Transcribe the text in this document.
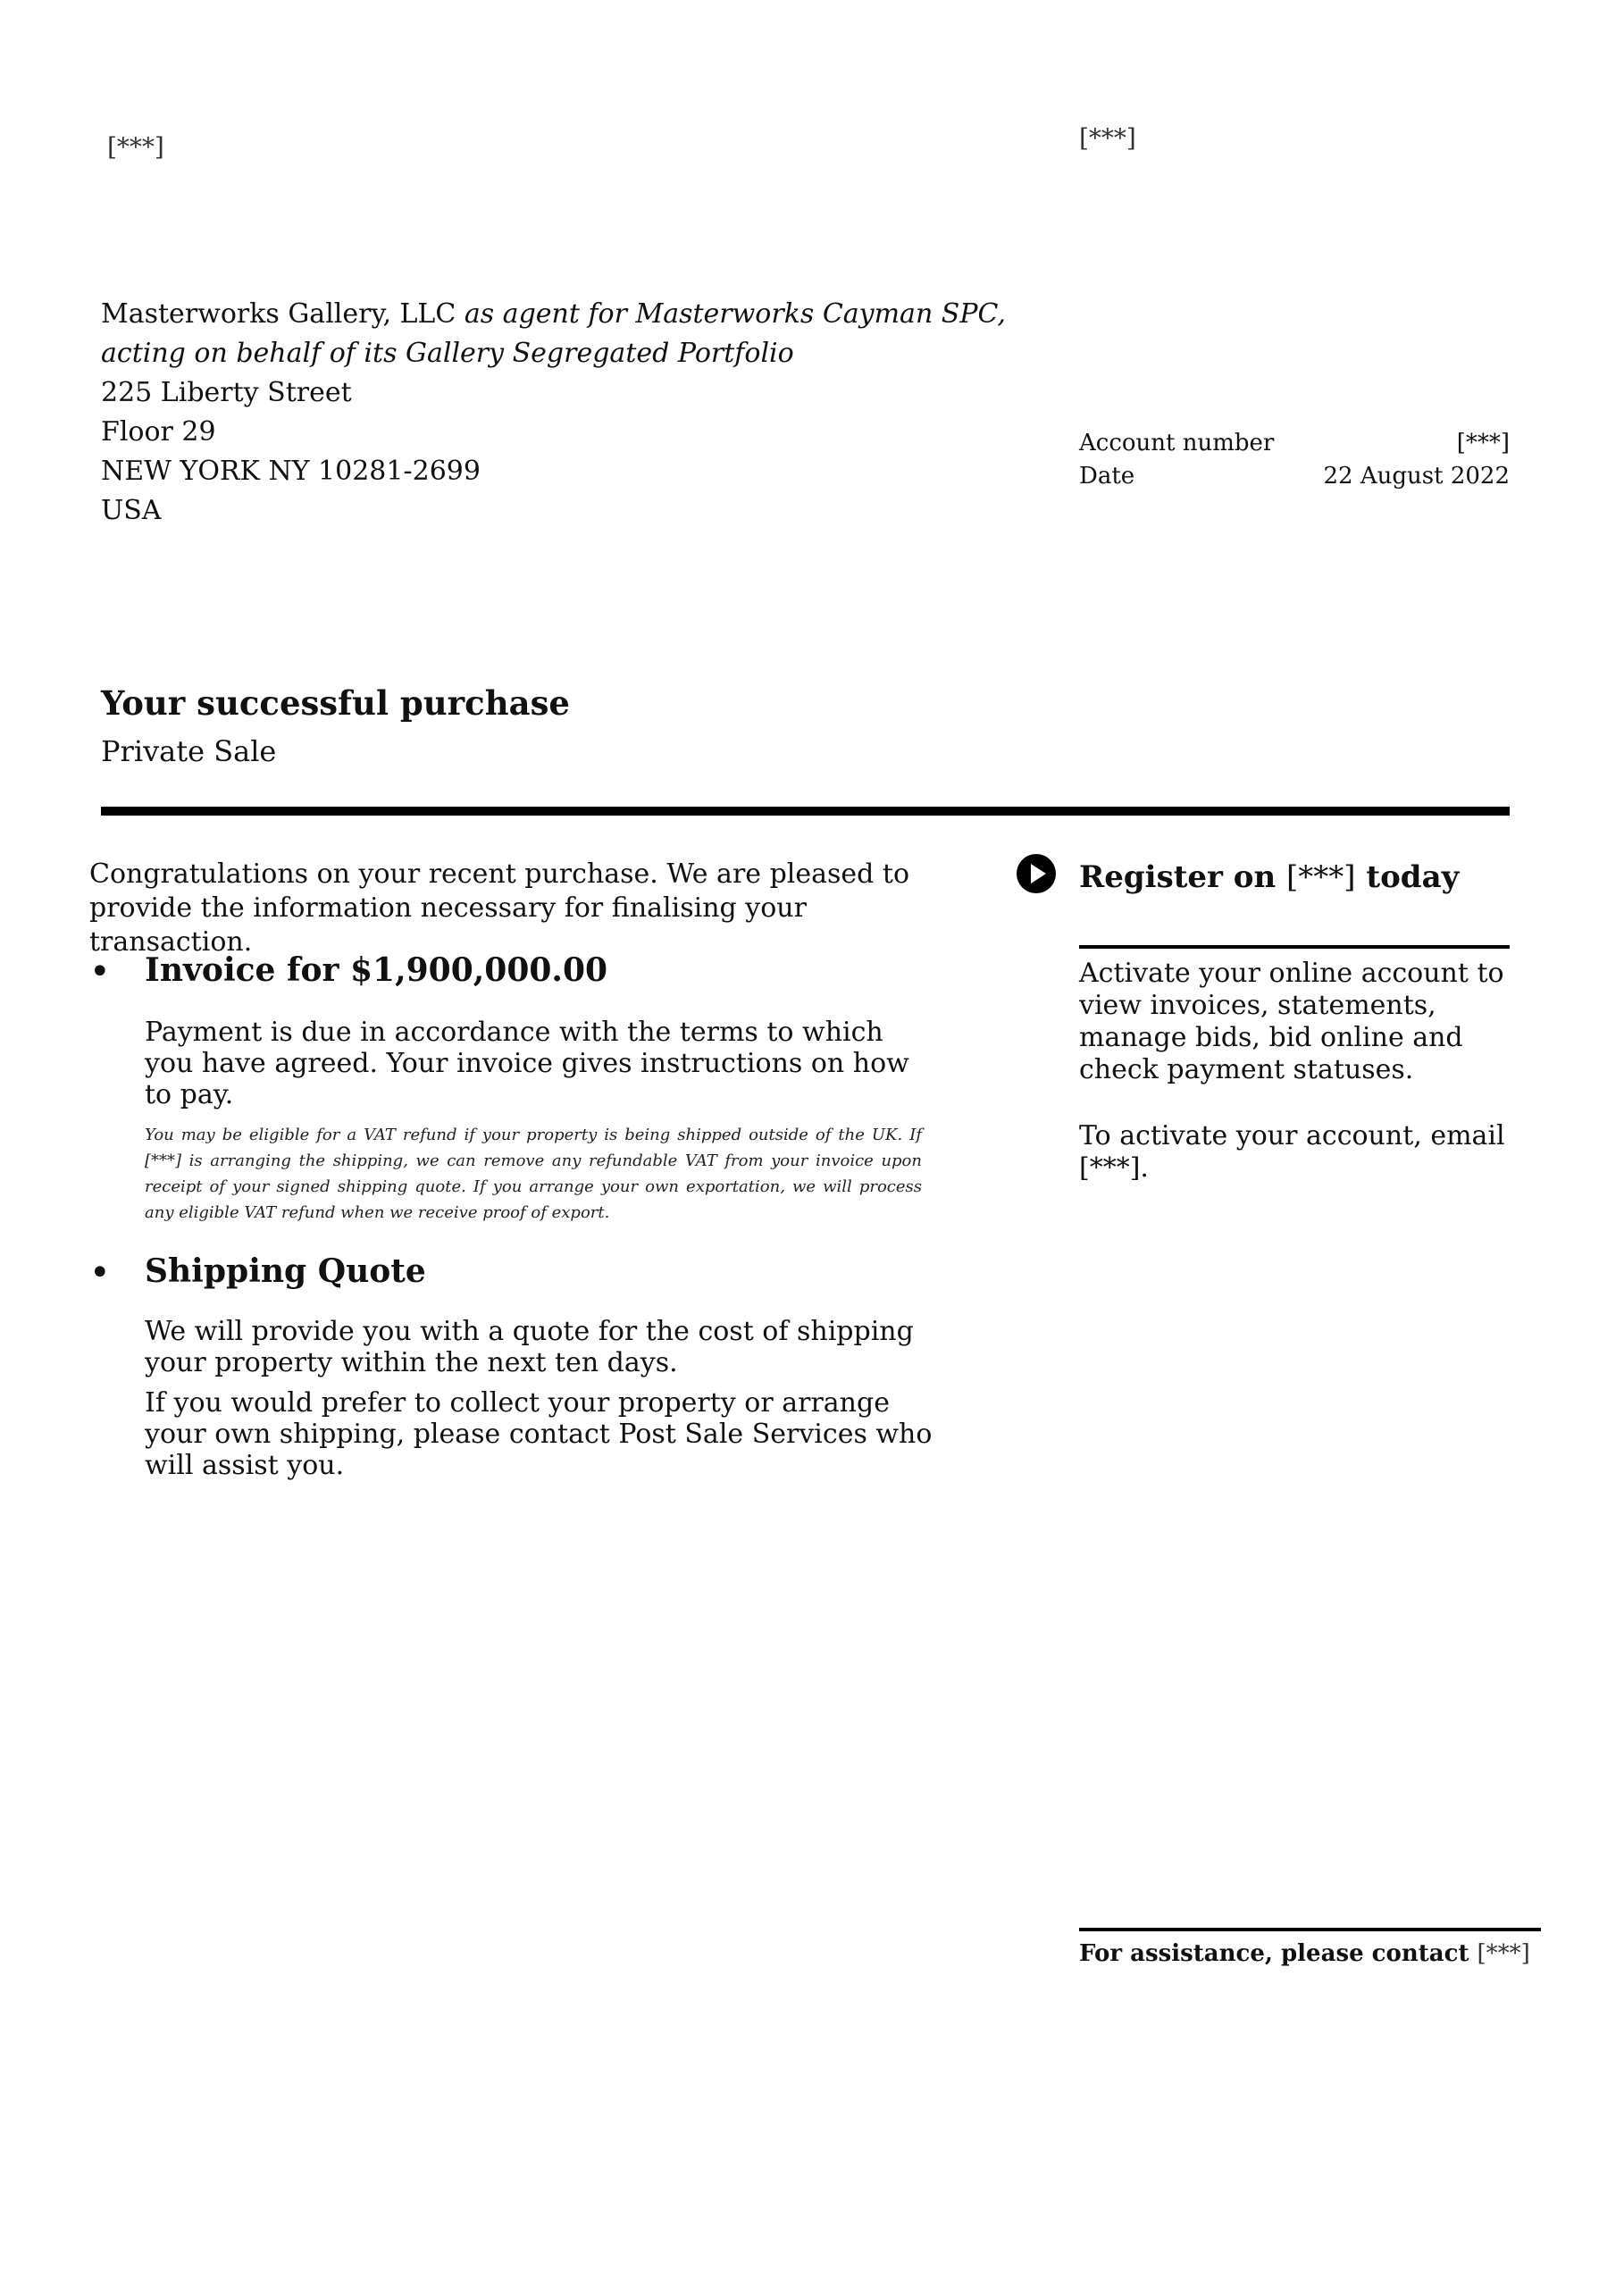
[***]	[***]
Masterworks Gallery, LLC as agent for Masterworks Cayman SPC,
acting on behalf of its Gallery Segregated Portfolio
225 Liberty Street
Floor 29
NEW YORK NY 10281-2699
USA
Account number	[***]
Date	22 August 2022
Your successful purchase
Private Sale
Congratulations on your recent purchase. We are pleased to provide the information necessary for finalising your transaction.
• Invoice for $1,900,000.00
Payment is due in accordance with the terms to which you have agreed. Your invoice gives instructions on how to pay.
You may be eligible for a VAT refund if your property is being shipped outside of the UK. If [***] is arranging the shipping, we can remove any refundable VAT from your invoice upon receipt of your signed shipping quote. If you arrange your own exportation, we will process any eligible VAT refund when we receive proof of export.
• Shipping Quote
We will provide you with a quote for the cost of shipping your property within the next ten days.
If you would prefer to collect your property or arrange your own shipping, please contact Post Sale Services who will assist you.
Register on [***] today
Activate your online account to view invoices, statements, manage bids, bid online and check payment statuses.
To activate your account, email [***].
For assistance, please contact [***]
